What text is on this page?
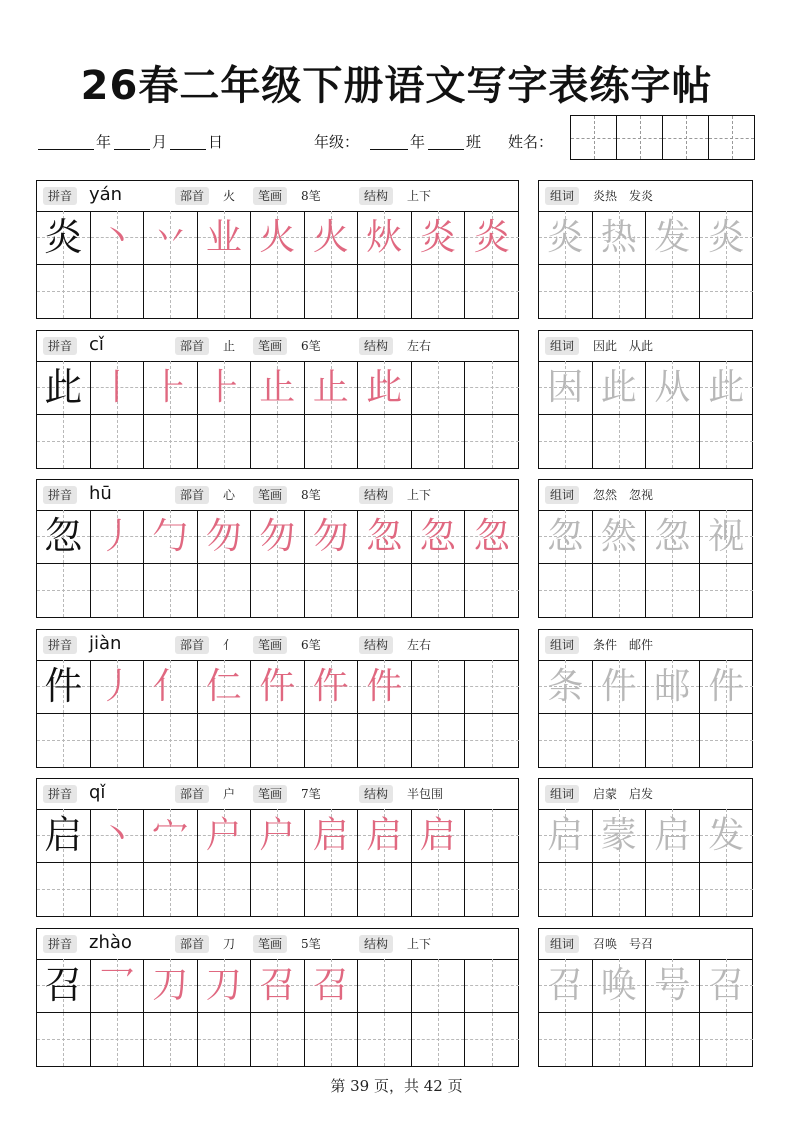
26春二年级下册语文写字表练字帖
年	月	日	年级：	年	班 姓名：
拼音 yán	部首	火	笔画	8笔	结构	上下
炎 丶 丷 业 火 火 炏 炎 炎
组词	炎热　发炎
炎 热 发 炎
拼音 cǐ	部首	止	笔画	6笔	结构	左右
此 丨 ⺊ ⺊ 止 止 此
组词	因此　从此
因 此 从 此
拼音 hū	部首	心	笔画	8笔	结构	上下
忽 丿 勹 勿 勿 勿 忽 忽 忽
组词	忽然　忽视
忽 然 忽 视
拼音 jiàn	部首	亻	笔画	6笔	结构	左右
件 丿 亻 仁 仵 仵 件
组词	条件　邮件
条 件 邮 件
拼音 qǐ	部首	户	笔画	7笔	结构	半包围
启 丶 宀 户 户 启 启 启
组词	启蒙　启发
启 蒙 启 发
拼音 zhào	部首	刀	笔画	5笔	结构	上下
召 乛 刀 刀 召 召
组词	召唤　号召
召 唤 号 召
第 39 页，共 42 页
